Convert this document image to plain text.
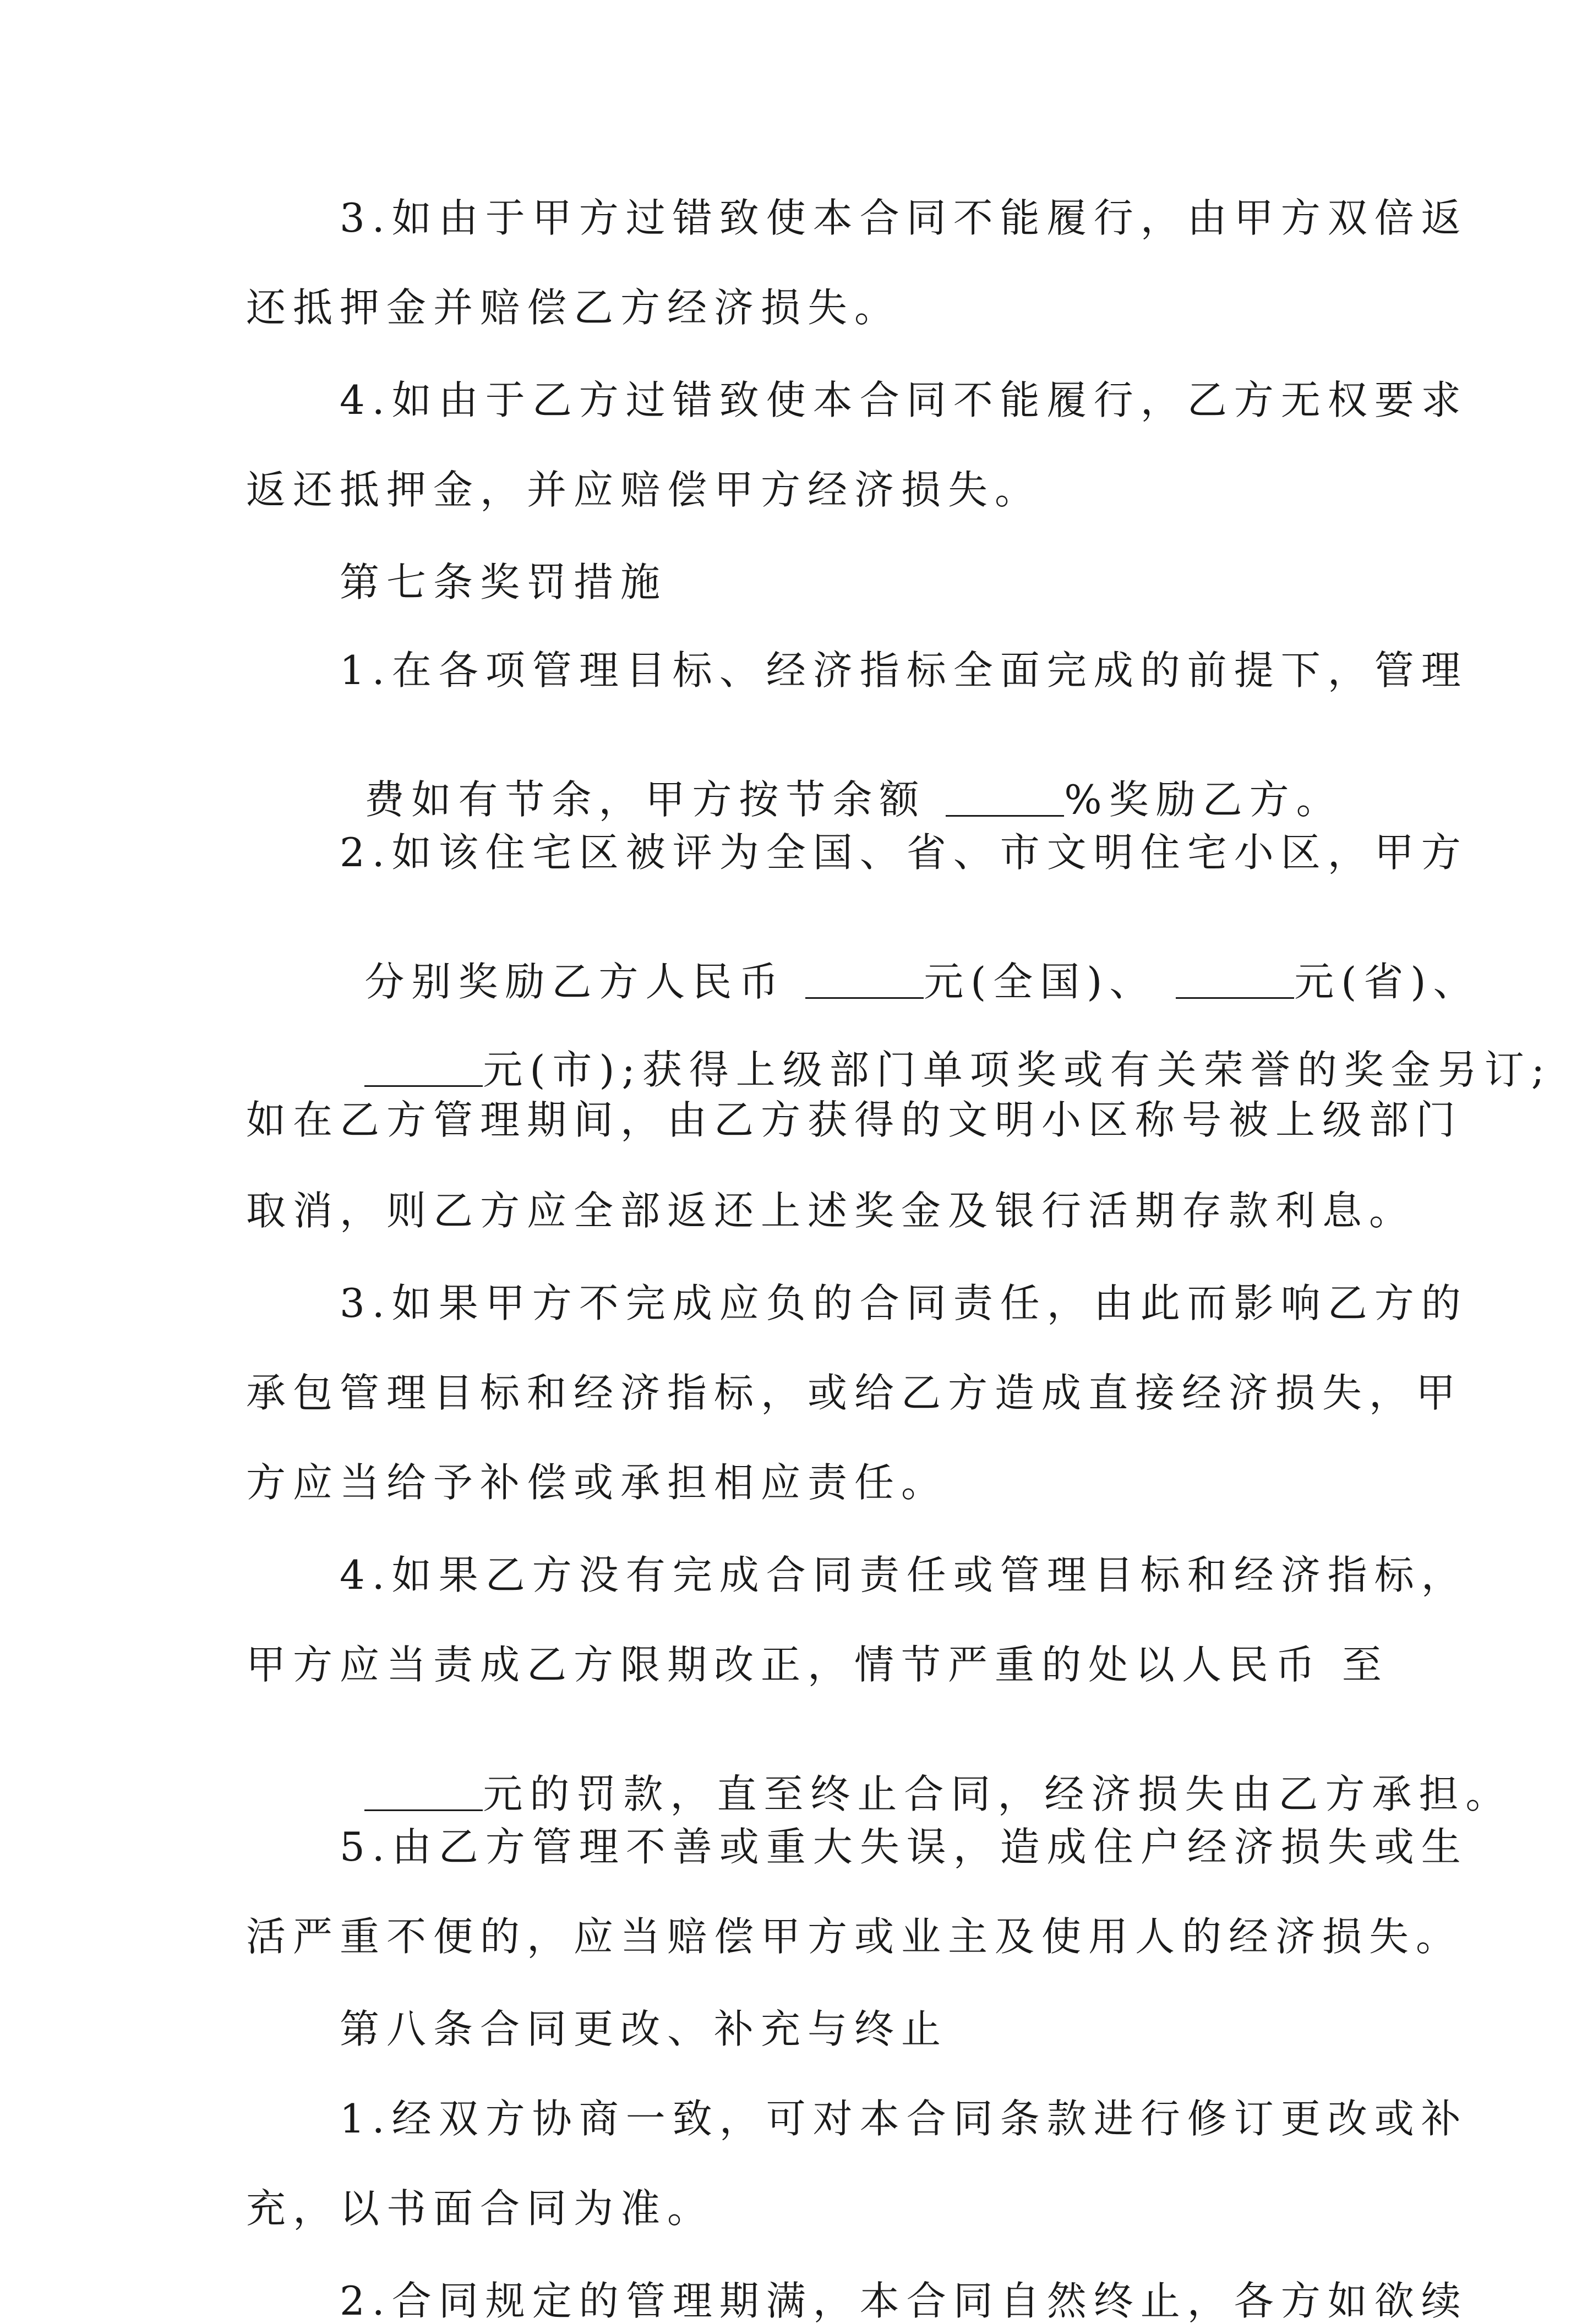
　　3.如由于甲方过错致使本合同不能履行，由甲方双倍返
还抵押金并赔偿乙方经济损失。
　　4.如由于乙方过错致使本合同不能履行，乙方无权要求
返还抵押金，并应赔偿甲方经济损失。
　　第七条奖罚措施
　　1.在各项管理目标、经济指标全面完成的前提下，管理

费如有节余，甲方按节余额	%奖励乙方。

　　2.如该住宅区被评为全国、省、市文明住宅小区，甲方

分别奖励乙方人民币	元(全国)、	元(省)、

元(市);获得上级部门单项奖或有关荣誉的奖金另订;

如在乙方管理期间，由乙方获得的文明小区称号被上级部门
取消，则乙方应全部返还上述奖金及银行活期存款利息。
　　3.如果甲方不完成应负的合同责任，由此而影响乙方的
承包管理目标和经济指标，或给乙方造成直接经济损失，甲
方应当给予补偿或承担相应责任。
　　4.如果乙方没有完成合同责任或管理目标和经济指标，
甲方应当责成乙方限期改正，情节严重的处以人民币 至

元的罚款，直至终止合同，经济损失由乙方承担。

　　5.由乙方管理不善或重大失误，造成住户经济损失或生
活严重不便的，应当赔偿甲方或业主及使用人的经济损失。
　　第八条合同更改、补充与终止
　　1.经双方协商一致，可对本合同条款进行修订更改或补
充，以书面合同为准。
　　2.合同规定的管理期满，本合同自然终止，各方如欲续
